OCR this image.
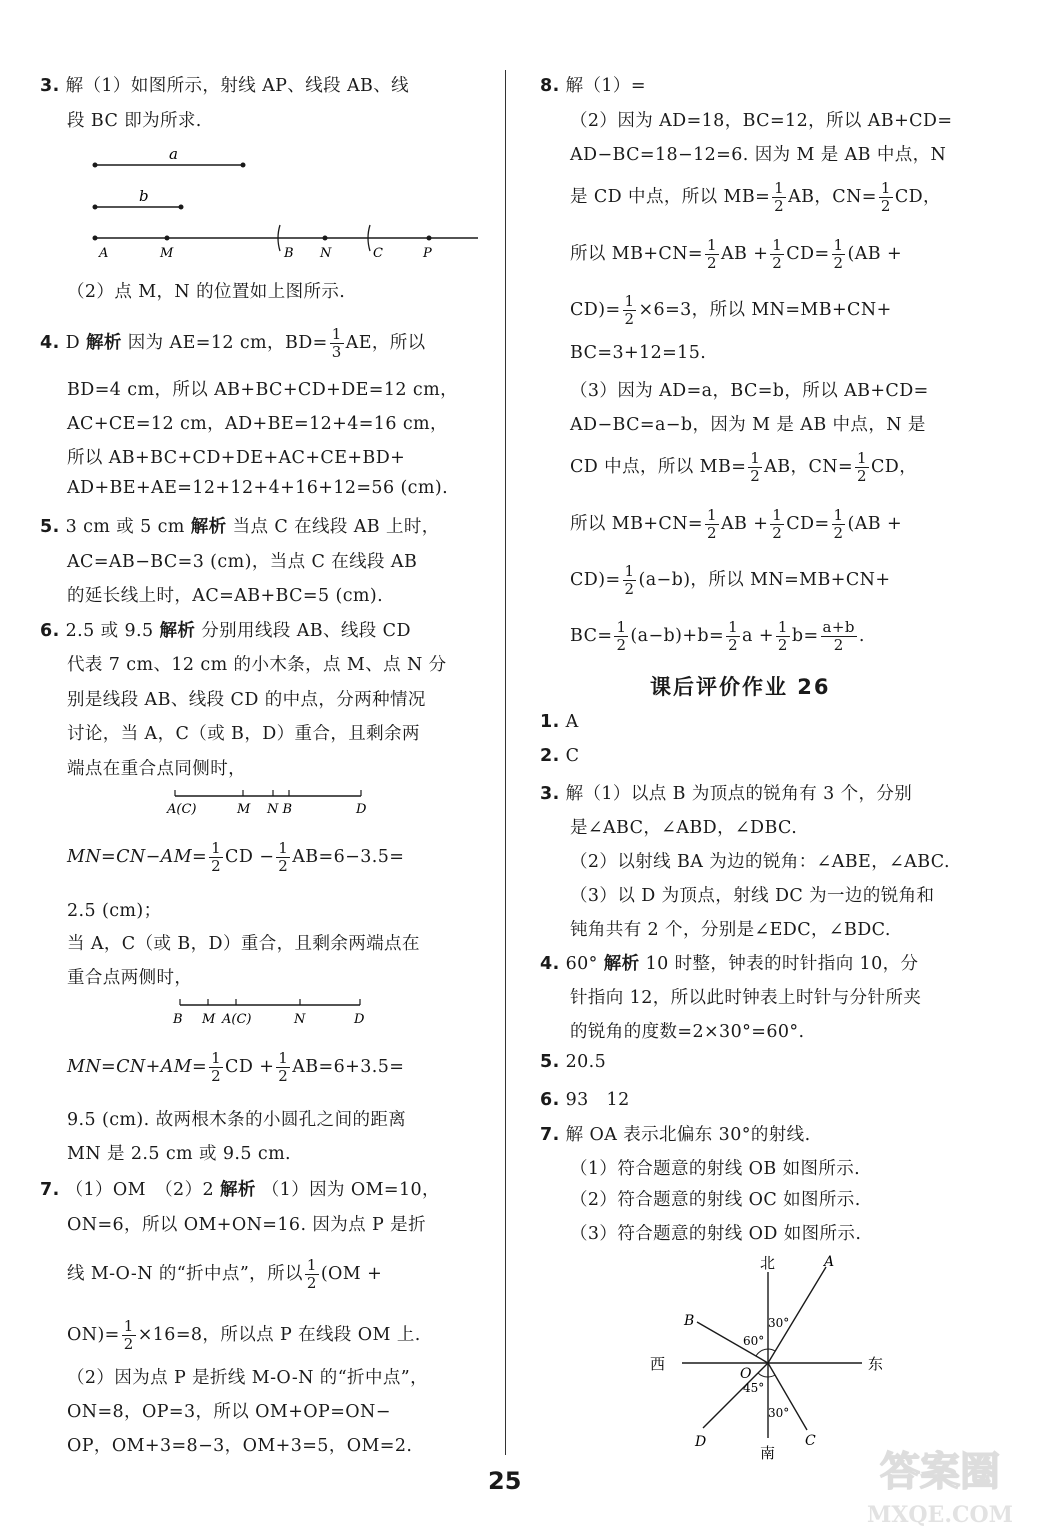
3. 解（1）如图所示，射线 AP、线段 AB、线
段 BC 即为所求.
a
b
A	M	B N	C	P
（2）点 M，N 的位置如上图所示.
4. D 解析 因为 AE=12 cm，$BD= \frac{1}{3}$ AE，所以
BD=4 cm，所以 AB+BC+CD+DE=12 cm，
AC+CE=12 cm，AD+BE=12+4=16 cm，
所以 AB+BC+CD+DE+AC+CE+BD+
AD+BE+AE=12+12+4+16+12=56 (cm).
5. 3 cm 或 5 cm 解析 当点 C 在线段 AB 上时，
AC=AB−BC=3 (cm)，当点 C 在线段 AB
的延长线上时，AC=AB+BC=5 (cm).
6. 2.5 或 9.5 解析 分别用线段 AB、线段 CD
代表 7 cm、12 cm 的小木条，点 M、点 N 分
别是线段 AB、线段 CD 的中点，分两种情况
讨论，当 A，C（或 B，D）重合，且剩余两
端点在重合点同侧时，
A(C)	M N B	D
$MN=CN-AM= \frac{1}{2}$ CD − $\frac{1}{2} AB=6-3.5=$
2.5 (cm)；
当 A，C（或 B，D）重合，且剩余两端点在
重合点两侧时，
B M A(C)	N	D
$MN=CN+AM= \frac{1}{2}$ CD + $\frac{1}{2} AB=6+3.5=$
9.5 (cm). 故两根木条的小圆孔之间的距离
MN 是 2.5 cm 或 9.5 cm.
7. （1）OM　（2）2 解析 （1）因为 OM=10，
ON=6，所以 OM+ON=16. 因为点 P 是折
线 M-O-N 的“折中点”，所以 $\frac{1}{2} (OM$ +
$ON)= \frac{1}{2} \times 16=8$，所以点 P 在线段 OM 上.
（2）因为点 P 是折线 M-O-N 的“折中点”，
ON=8，OP=3，所以 OM+OP=ON−
OP，OM+3=8−3，OM+3=5，OM=2.
8. 解（1）=
（2）因为 AD=18，BC=12，所以 AB+CD=
AD−BC=18−12=6. 因为 M 是 AB 中点，N
是 CD 中点，所以 $MB= \frac{1}{2}$ AB，$CN= \frac{1}{2}$ CD，
所以 $MB+CN= \frac{1}{2}$ AB + $\frac{1}{2} CD= \frac{1}{2} (AB$ +
$CD)= \frac{1}{2} \times 6=3$，所以 MN=MB+CN+
BC=3+12=15.
（3）因为 AD=a，BC=b，所以 AB+CD=
AD−BC=a−b，因为 M 是 AB 中点，N 是
CD 中点，所以 $MB= \frac{1}{2}$ AB，$CN= \frac{1}{2}$ CD，
所以 $MB+CN= \frac{1}{2}$ AB + $\frac{1}{2} CD= \frac{1}{2} (AB$ +
$CD)= \frac{1}{2} (a-b)$，所以 MN=MB+CN+
$BC= \frac{1}{2} (a-b)+b= \frac{1}{2}$ $a + \frac{1}{2} b= \frac{a+b}{2}$ .
1. A
2. C
3. 解（1）以点 B 为顶点的锐角有 3 个，分别
是∠ABC，∠ABD，∠DBC.
（2）以射线 BA 为边的锐角：∠ABE，∠ABC.
（3）以 D 为顶点，射线 DC 为一边的锐角和
钝角共有 2 个，分别是∠EDC，∠BDC.
4. 60° 解析 10 时整，钟表的时针指向 10，分
针指向 12，所以此时钟表上时针与分针所夹
的锐角的度数=2×30°=60°.
5. 20.5
6. 93　12
7. 解 OA 表示北偏东 30°的射线.
（1）符合题意的射线 OB 如图所示.
（2）符合题意的射线 OC 如图所示.
（3）符合题意的射线 OD 如图所示.
课后评价作业 26
北
南
西	东
A
B
C
D
O
30°
60°
45°
30°
25	答案圈
MXQE.COM
